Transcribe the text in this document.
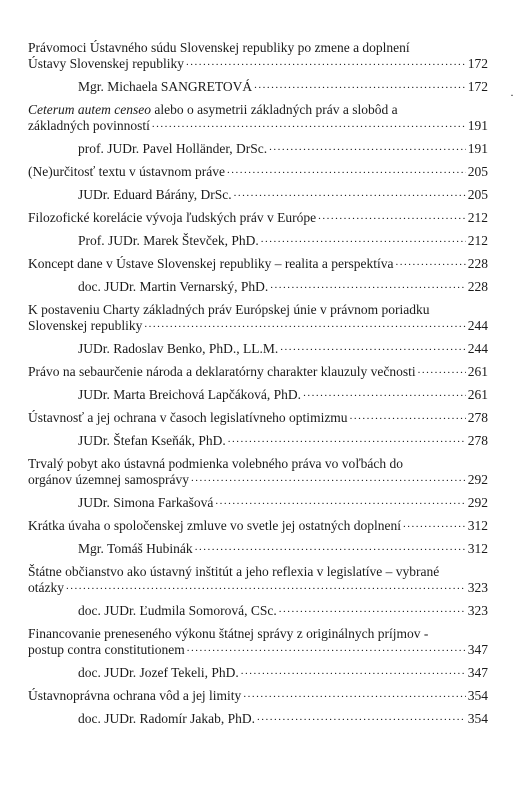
Právomoci Ústavného súdu Slovenskej republiky po zmene a doplnení
Ústavy Slovenskej republiky .....	172
Mgr. Michaela SANGRETOVÁ .....	172
Ceterum autem censeo alebo o asymetrii základných práv a slobôd a
základných povinností .....	191
prof. JUDr. Pavel Holländer, DrSc. .....	191
(Ne)určitosť textu v ústavnom práve .....	205
JUDr. Eduard Bárány, DrSc. .....	205
Filozofické korelácie vývoja ľudských práv v Európe .....	212
Prof. JUDr. Marek Števček, PhD. .....	212
Koncept dane v Ústave Slovenskej republiky – realita a perspektíva .....	228
doc. JUDr. Martin Vernarský, PhD. .....	228
K postaveniu Charty základných práv Európskej únie v právnom poriadku
Slovenskej republiky .....	244
JUDr. Radoslav Benko, PhD., LL.M. .....	244
Právo na sebaurčenie národa a deklaratórny charakter klauzuly večnosti .....	261
JUDr. Marta Breichová Lapčáková, PhD. .....	261
Ústavnosť a jej ochrana v časoch legislatívneho optimizmu .....	278
JUDr. Štefan Kseňák, PhD. .....	278
Trvalý pobyt ako ústavná podmienka volebného práva vo voľbách do
orgánov územnej samosprávy .....	292
JUDr. Simona Farkašová .....	292
Krátka úvaha o spoločenskej zmluve vo svetle jej ostatných doplnení .....	312
Mgr. Tomáš Hubinák .....	312
Štátne občianstvo ako ústavný inštitút a jeho reflexia v legislatíve – vybrané
otázky .....	323
doc. JUDr. Ľudmila Somorová, CSc. .....	323
Financovanie preneseného výkonu štátnej správy z originálnych príjmov -
postup contra constitutionem .....	347
doc. JUDr. Jozef Tekeli, PhD. .....	347
Ústavnoprávna ochrana vôd a jej limity .....	354
doc. JUDr. Radomír Jakab, PhD. .....	354
·
